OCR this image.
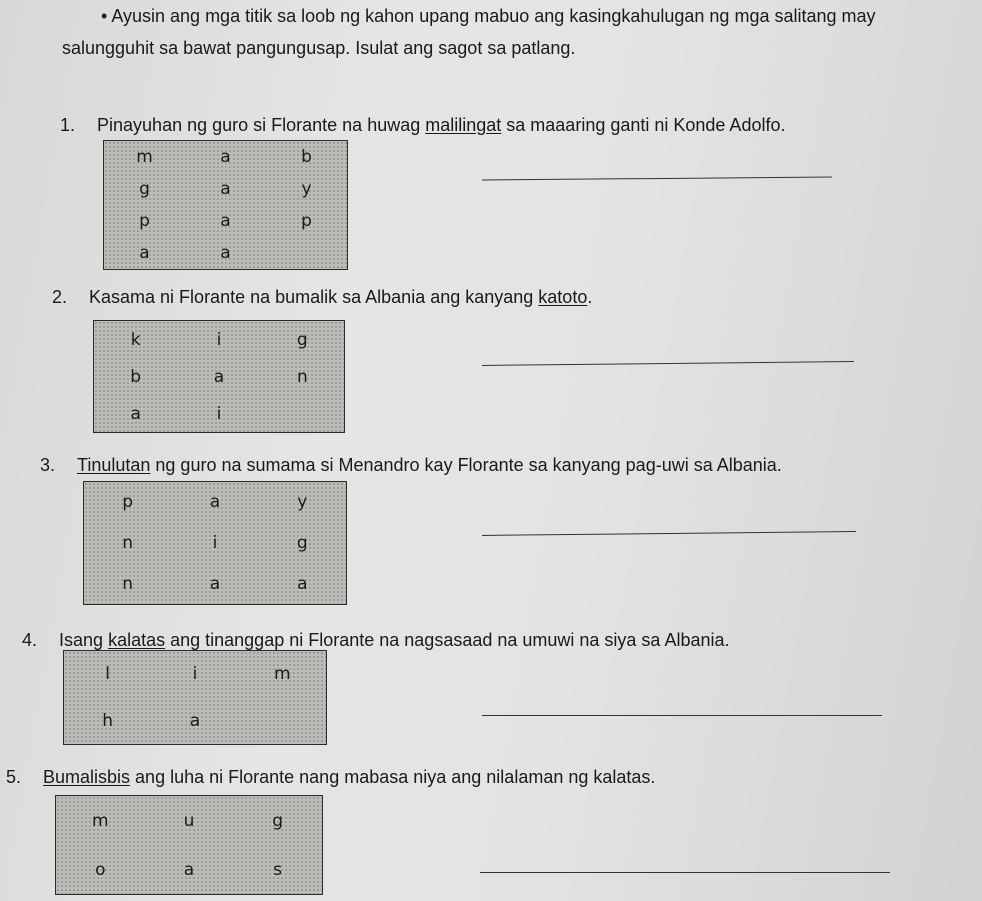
• Ayusin ang mga titik sa loob ng kahon upang mabuo ang kasingkahulugan ng mga salitang may
salungguhit sa bawat pangungusap. Isulat ang sagot sa patlang.
1. Pinayuhan ng guro si Florante na huwag malilingat sa maaaring ganti ni Konde Adolfo.
m	a	b
g	a	y
p	a	p
a	a
2. Kasama ni Florante na bumalik sa Albania ang kanyang katoto.
k	i	g
b	a	n
a	i
3. Tinulutan ng guro na sumama si Menandro kay Florante sa kanyang pag-uwi sa Albania.
p	a	y
n	i	g
n	a	a
4. Isang kalatas ang tinanggap ni Florante na nagsasaad na umuwi na siya sa Albania.
l	i	m
h	a
5. Bumalisbis ang luha ni Florante nang mabasa niya ang nilalaman ng kalatas.
m	u	g
o	a	s
